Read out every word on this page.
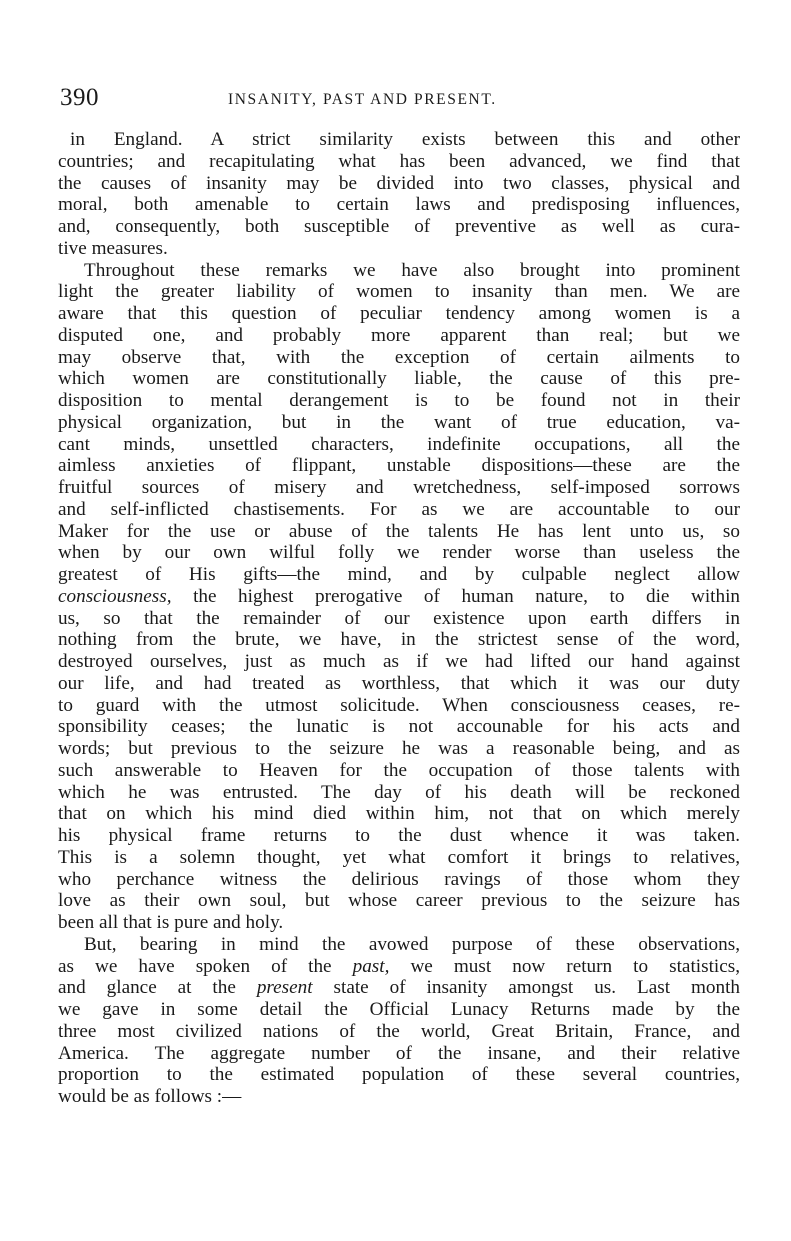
390	INSANITY, PAST AND PRESENT.
in England. A strict similarity exists between this and other
countries; and recapitulating what has been advanced, we find that
the causes of insanity may be divided into two classes, physical and
moral, both amenable to certain laws and predisposing influences,
and, consequently, both susceptible of preventive as well as cura-
tive measures.
Throughout these remarks we have also brought into prominent
light the greater liability of women to insanity than men. We are
aware that this question of peculiar tendency among women is a
disputed one, and probably more apparent than real; but we
may observe that, with the exception of certain ailments to
which women are constitutionally liable, the cause of this pre-
disposition to mental derangement is to be found not in their
physical organization, but in the want of true education, va-
cant minds, unsettled characters, indefinite occupations, all the
aimless anxieties of flippant, unstable dispositions—these are the
fruitful sources of misery and wretchedness, self-imposed sorrows
and self-inflicted chastisements. For as we are accountable to our
Maker for the use or abuse of the talents He has lent unto us, so
when by our own wilful folly we render worse than useless the
greatest of His gifts—the mind, and by culpable neglect allow
consciousness, the highest prerogative of human nature, to die within
us, so that the remainder of our existence upon earth differs in
nothing from the brute, we have, in the strictest sense of the word,
destroyed ourselves, just as much as if we had lifted our hand against
our life, and had treated as worthless, that which it was our duty
to guard with the utmost solicitude. When consciousness ceases, re-
sponsibility ceases; the lunatic is not accounable for his acts and
words; but previous to the seizure he was a reasonable being, and as
such answerable to Heaven for the occupation of those talents with
which he was entrusted. The day of his death will be reckoned
that on which his mind died within him, not that on which merely
his physical frame returns to the dust whence it was taken.
This is a solemn thought, yet what comfort it brings to relatives,
who perchance witness the delirious ravings of those whom they
love as their own soul, but whose career previous to the seizure has
been all that is pure and holy.
But, bearing in mind the avowed purpose of these observations,
as we have spoken of the past, we must now return to statistics,
and glance at the present state of insanity amongst us. Last month
we gave in some detail the Official Lunacy Returns made by the
three most civilized nations of the world, Great Britain, France, and
America. The aggregate number of the insane, and their relative
proportion to the estimated population of these several countries,
would be as follows :—
